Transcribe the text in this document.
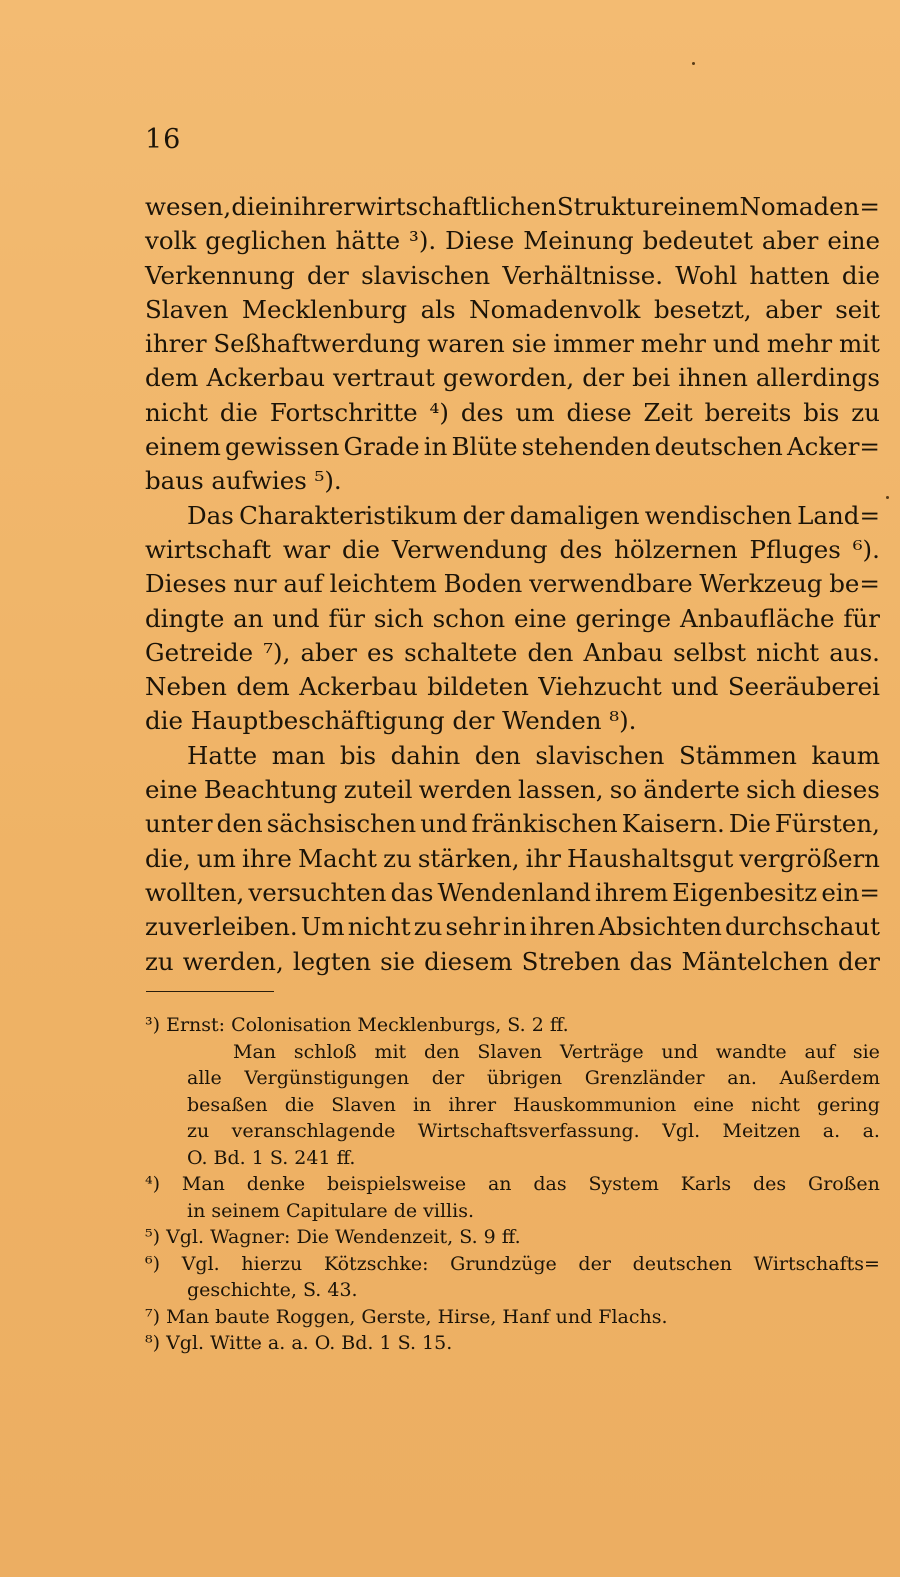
16
wesen, die in ihrer wirtschaftlichen Struktur einem Nomaden=
volk geglichen hätte ³). Diese Meinung bedeutet aber eine
Verkennung der slavischen Verhältnisse. Wohl hatten die
Slaven Mecklenburg als Nomadenvolk besetzt, aber seit
ihrer Seßhaftwerdung waren sie immer mehr und mehr mit
dem Ackerbau vertraut geworden, der bei ihnen allerdings
nicht die Fortschritte ⁴) des um diese Zeit bereits bis zu
einem gewissen Grade in Blüte stehenden deutschen Acker=
baus aufwies ⁵).
Das Charakteristikum der damaligen wendischen Land=
wirtschaft war die Verwendung des hölzernen Pfluges ⁶).
Dieses nur auf leichtem Boden verwendbare Werkzeug be=
dingte an und für sich schon eine geringe Anbaufläche für
Getreide ⁷), aber es schaltete den Anbau selbst nicht aus.
Neben dem Ackerbau bildeten Viehzucht und Seeräuberei
die Hauptbeschäftigung der Wenden ⁸).
Hatte man bis dahin den slavischen Stämmen kaum
eine Beachtung zuteil werden lassen, so änderte sich dieses
unter den sächsischen und fränkischen Kaisern. Die Fürsten,
die, um ihre Macht zu stärken, ihr Haushaltsgut vergrößern
wollten, versuchten das Wendenland ihrem Eigenbesitz ein=
zuverleiben. Um nicht zu sehr in ihren Absichten durchschaut
zu werden, legten sie diesem Streben das Mäntelchen der
³) Ernst: Colonisation Mecklenburgs, S. 2 ff.
Man schloß mit den Slaven Verträge und wandte auf sie
alle Vergünstigungen der übrigen Grenzländer an. Außerdem
besaßen die Slaven in ihrer Hauskommunion eine nicht gering
zu veranschlagende Wirtschaftsverfassung. Vgl. Meitzen a. a.
O. Bd. 1 S. 241 ff.
⁴) Man denke beispielsweise an das System Karls des Großen
in seinem Capitulare de villis.
⁵) Vgl. Wagner: Die Wendenzeit, S. 9 ff.
⁶) Vgl. hierzu Kötzschke: Grundzüge der deutschen Wirtschafts=
geschichte, S. 43.
⁷) Man baute Roggen, Gerste, Hirse, Hanf und Flachs.
⁸) Vgl. Witte a. a. O. Bd. 1 S. 15.
